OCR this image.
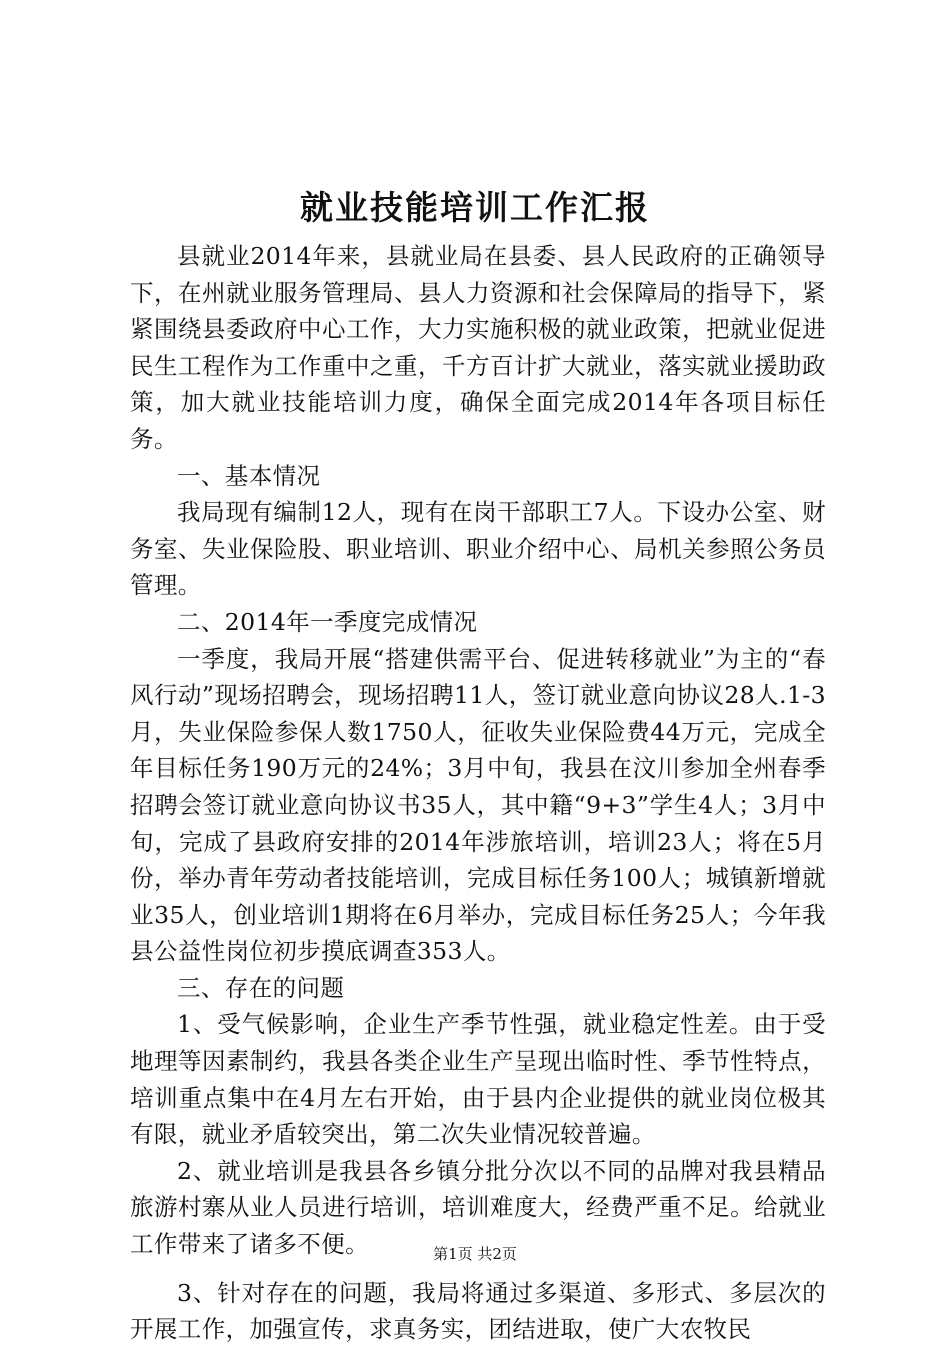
就业技能培训工作汇报

县就业2014年来，县就业局在县委、县人民政府的正确领导下，在州就业服务管理局、县人力资源和社会保障局的指导下，紧紧围绕县委政府中心工作，大力实施积极的就业政策，把就业促进民生工程作为工作重中之重，千方百计扩大就业，落实就业援助政策，加大就业技能培训力度，确保全面完成2014年各项目标任务。

一、基本情况

我局现有编制12人，现有在岗干部职工7人。下设办公室、财务室、失业保险股、职业培训、职业介绍中心、局机关参照公务员管理。

二、2014年一季度完成情况

一季度，我局开展“搭建供需平台、促进转移就业”为主的“春风行动”现场招聘会，现场招聘11人，签订就业意向协议28人.1-3月，失业保险参保人数1750人，征收失业保险费44万元，完成全年目标任务190万元的24%；3月中旬，我县在汶川参加全州春季招聘会签订就业意向协议书35人，其中籍“9+3”学生4人；3月中旬，完成了县政府安排的2014年涉旅培训，培训23人；将在5月份，举办青年劳动者技能培训，完成目标任务100人；城镇新增就业35人，创业培训1期将在6月举办，完成目标任务25人；今年我县公益性岗位初步摸底调查353人。

三、存在的问题

1、受气候影响，企业生产季节性强，就业稳定性差。由于受地理等因素制约，我县各类企业生产呈现出临时性、季节性特点，培训重点集中在4月左右开始，由于县内企业提供的就业岗位极其有限，就业矛盾较突出，第二次失业情况较普遍。

2、就业培训是我县各乡镇分批分次以不同的品牌对我县精品旅游村寨从业人员进行培训，培训难度大，经费严重不足。给就业工作带来了诸多不便。

3、针对存在的问题，我局将通过多渠道、多形式、多层次的开展工作，加强宣传，求真务实，团结进取，使广大农牧民

第1页 共2页
